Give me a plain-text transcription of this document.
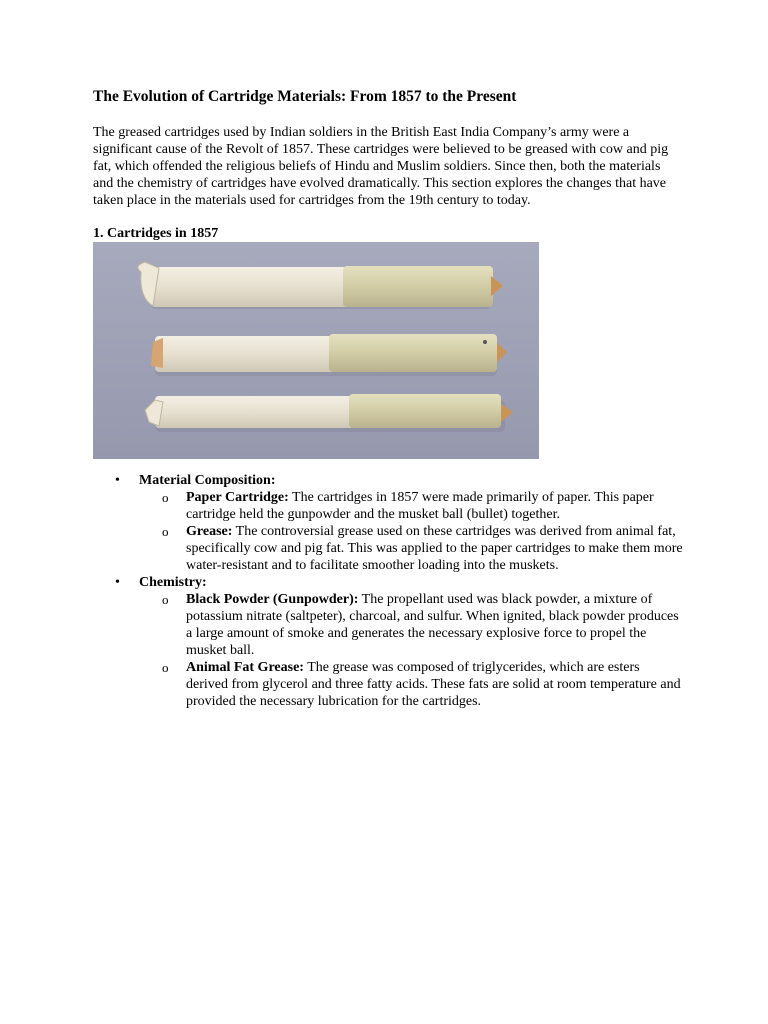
The Evolution of Cartridge Materials: From 1857 to the Present

The greased cartridges used by Indian soldiers in the British East India Company’s army were a significant cause of the Revolt of 1857. These cartridges were believed to be greased with cow and pig fat, which offended the religious beliefs of Hindu and Muslim soldiers. Since then, both the materials and the chemistry of cartridges have evolved dramatically. This section explores the changes that have taken place in the materials used for cartridges from the 19th century to today.

1. Cartridges in 1857
• Material Composition:
o Paper Cartridge: The cartridges in 1857 were made primarily of paper. This paper cartridge held the gunpowder and the musket ball (bullet) together.
o Grease: The controversial grease used on these cartridges was derived from animal fat, specifically cow and pig fat. This was applied to the paper cartridges to make them more water-resistant and to facilitate smoother loading into the muskets.
• Chemistry:
o Black Powder (Gunpowder): The propellant used was black powder, a mixture of potassium nitrate (saltpeter), charcoal, and sulfur. When ignited, black powder produces a large amount of smoke and generates the necessary explosive force to propel the musket ball.
o Animal Fat Grease: The grease was composed of triglycerides, which are esters derived from glycerol and three fatty acids. These fats are solid at room temperature and provided the necessary lubrication for the cartridges.
